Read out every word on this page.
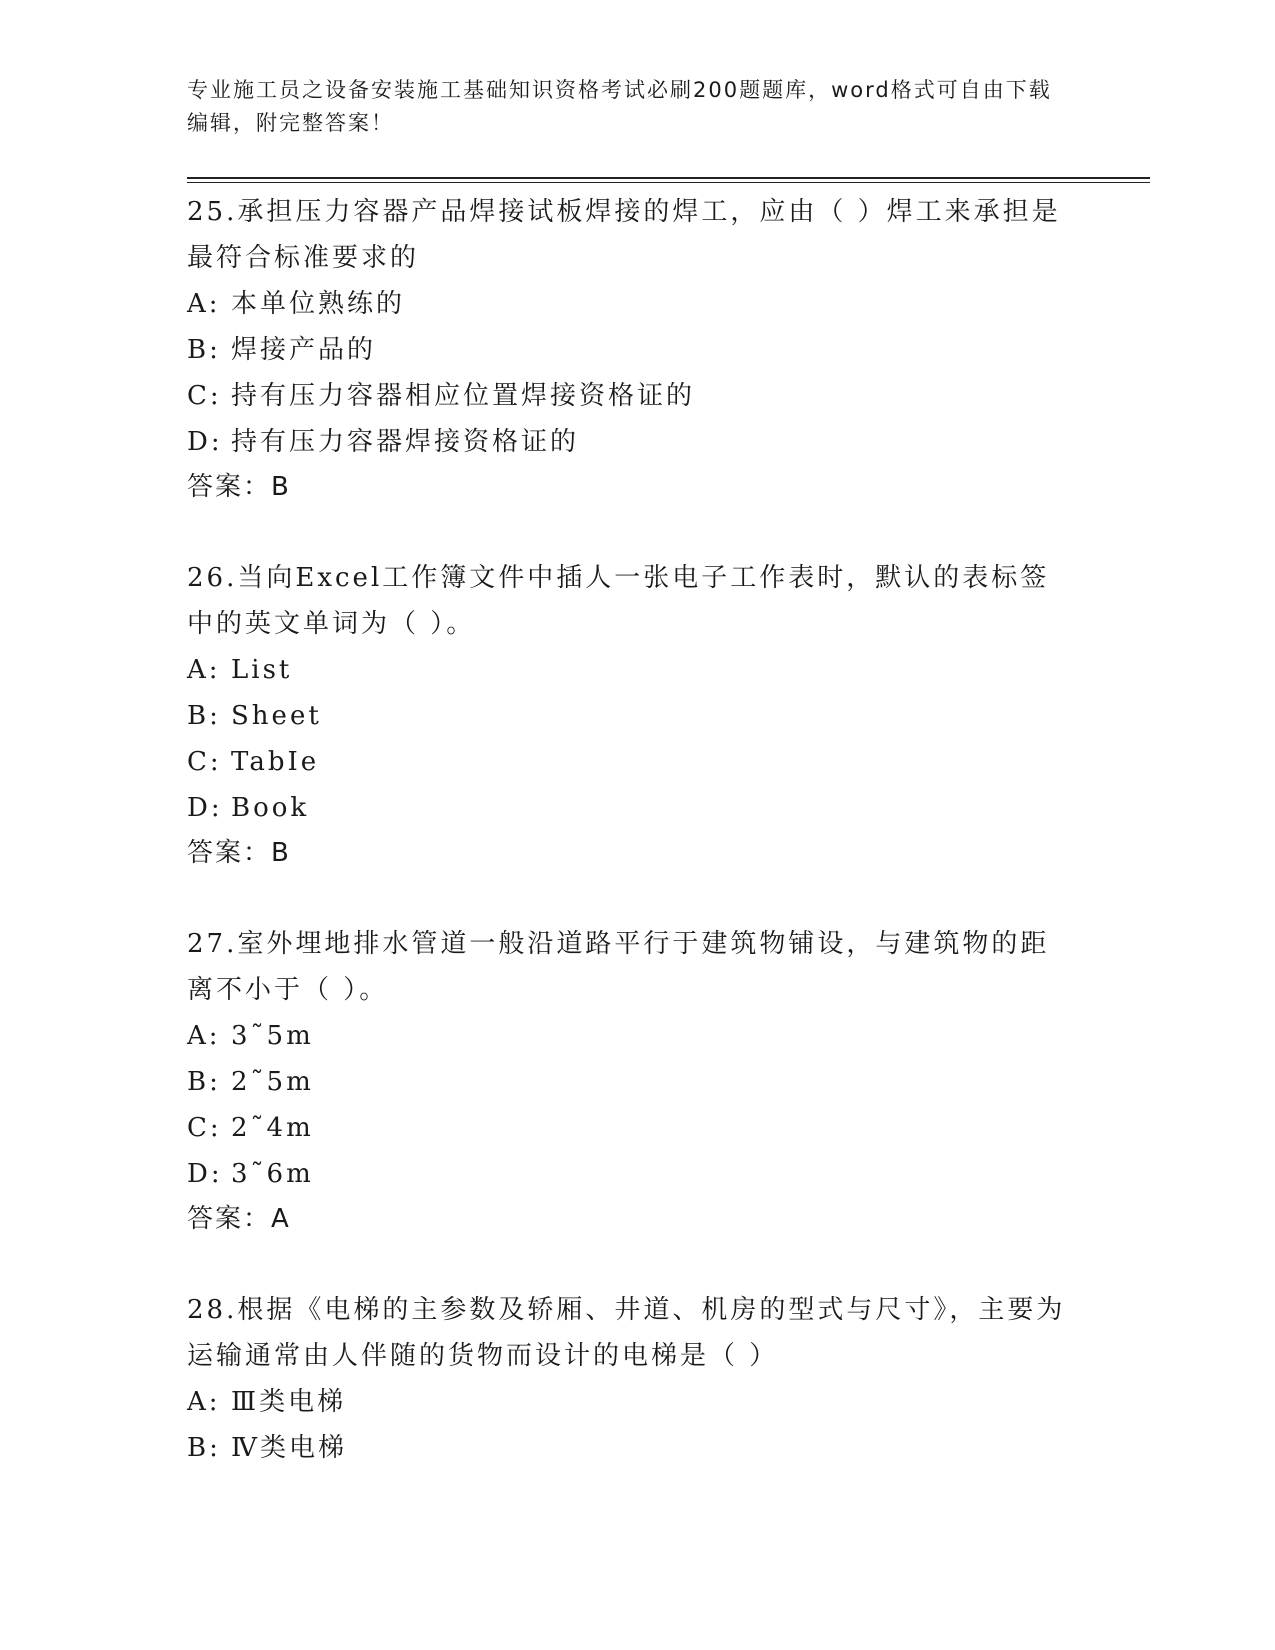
专业施工员之设备安装施工基础知识资格考试必刷200题题库，word格式可自由下载编辑，附完整答案！
25.承担压力容器产品焊接试板焊接的焊工，应由（ ）焊工来承担是最符合标准要求的
A: 本单位熟练的
B: 焊接产品的
C: 持有压力容器相应位置焊接资格证的
D: 持有压力容器焊接资格证的
答案：B
26.当向Excel工作簿文件中插人一张电子工作表时，默认的表标签中的英文单词为（ ）。
A: List
B: Sheet
C: TabIe
D: Book
答案：B
27.室外埋地排水管道一般沿道路平行于建筑物铺设，与建筑物的距离不小于（ ）。
A: 3˜5m
B: 2˜5m
C: 2˜4m
D: 3˜6m
答案：A
28.根据《电梯的主参数及轿厢、井道、机房的型式与尺寸》，主要为运输通常由人伴随的货物而设计的电梯是（ ）
A: Ⅲ类电梯
B: Ⅳ类电梯
